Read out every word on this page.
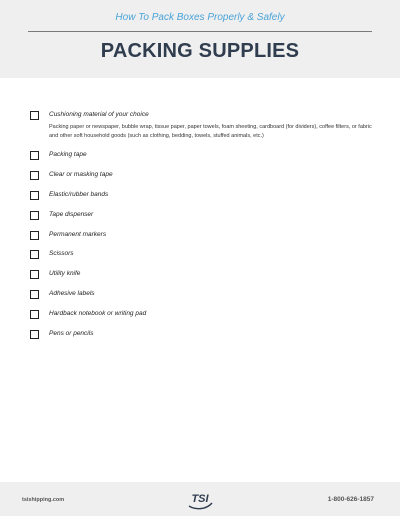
How To Pack Boxes Properly & Safely
PACKING SUPPLIES
Cushioning material of your choice
Packing paper or newspaper, bubble wrap, tissue paper, paper towels, foam sheeting, cardboard (for dividers), coffee filters, or fabric and other soft household goods (such as clothing, bedding, towels, stuffed animals, etc.)
Packing tape
Clear or masking tape
Elastic/rubber bands
Tape dispenser
Permanent markers
Scissors
Utility knife
Adhesive labels
Hardback notebook or writing pad
Pens or pencils
tsishipping.com	TSI	1-800-626-1857
